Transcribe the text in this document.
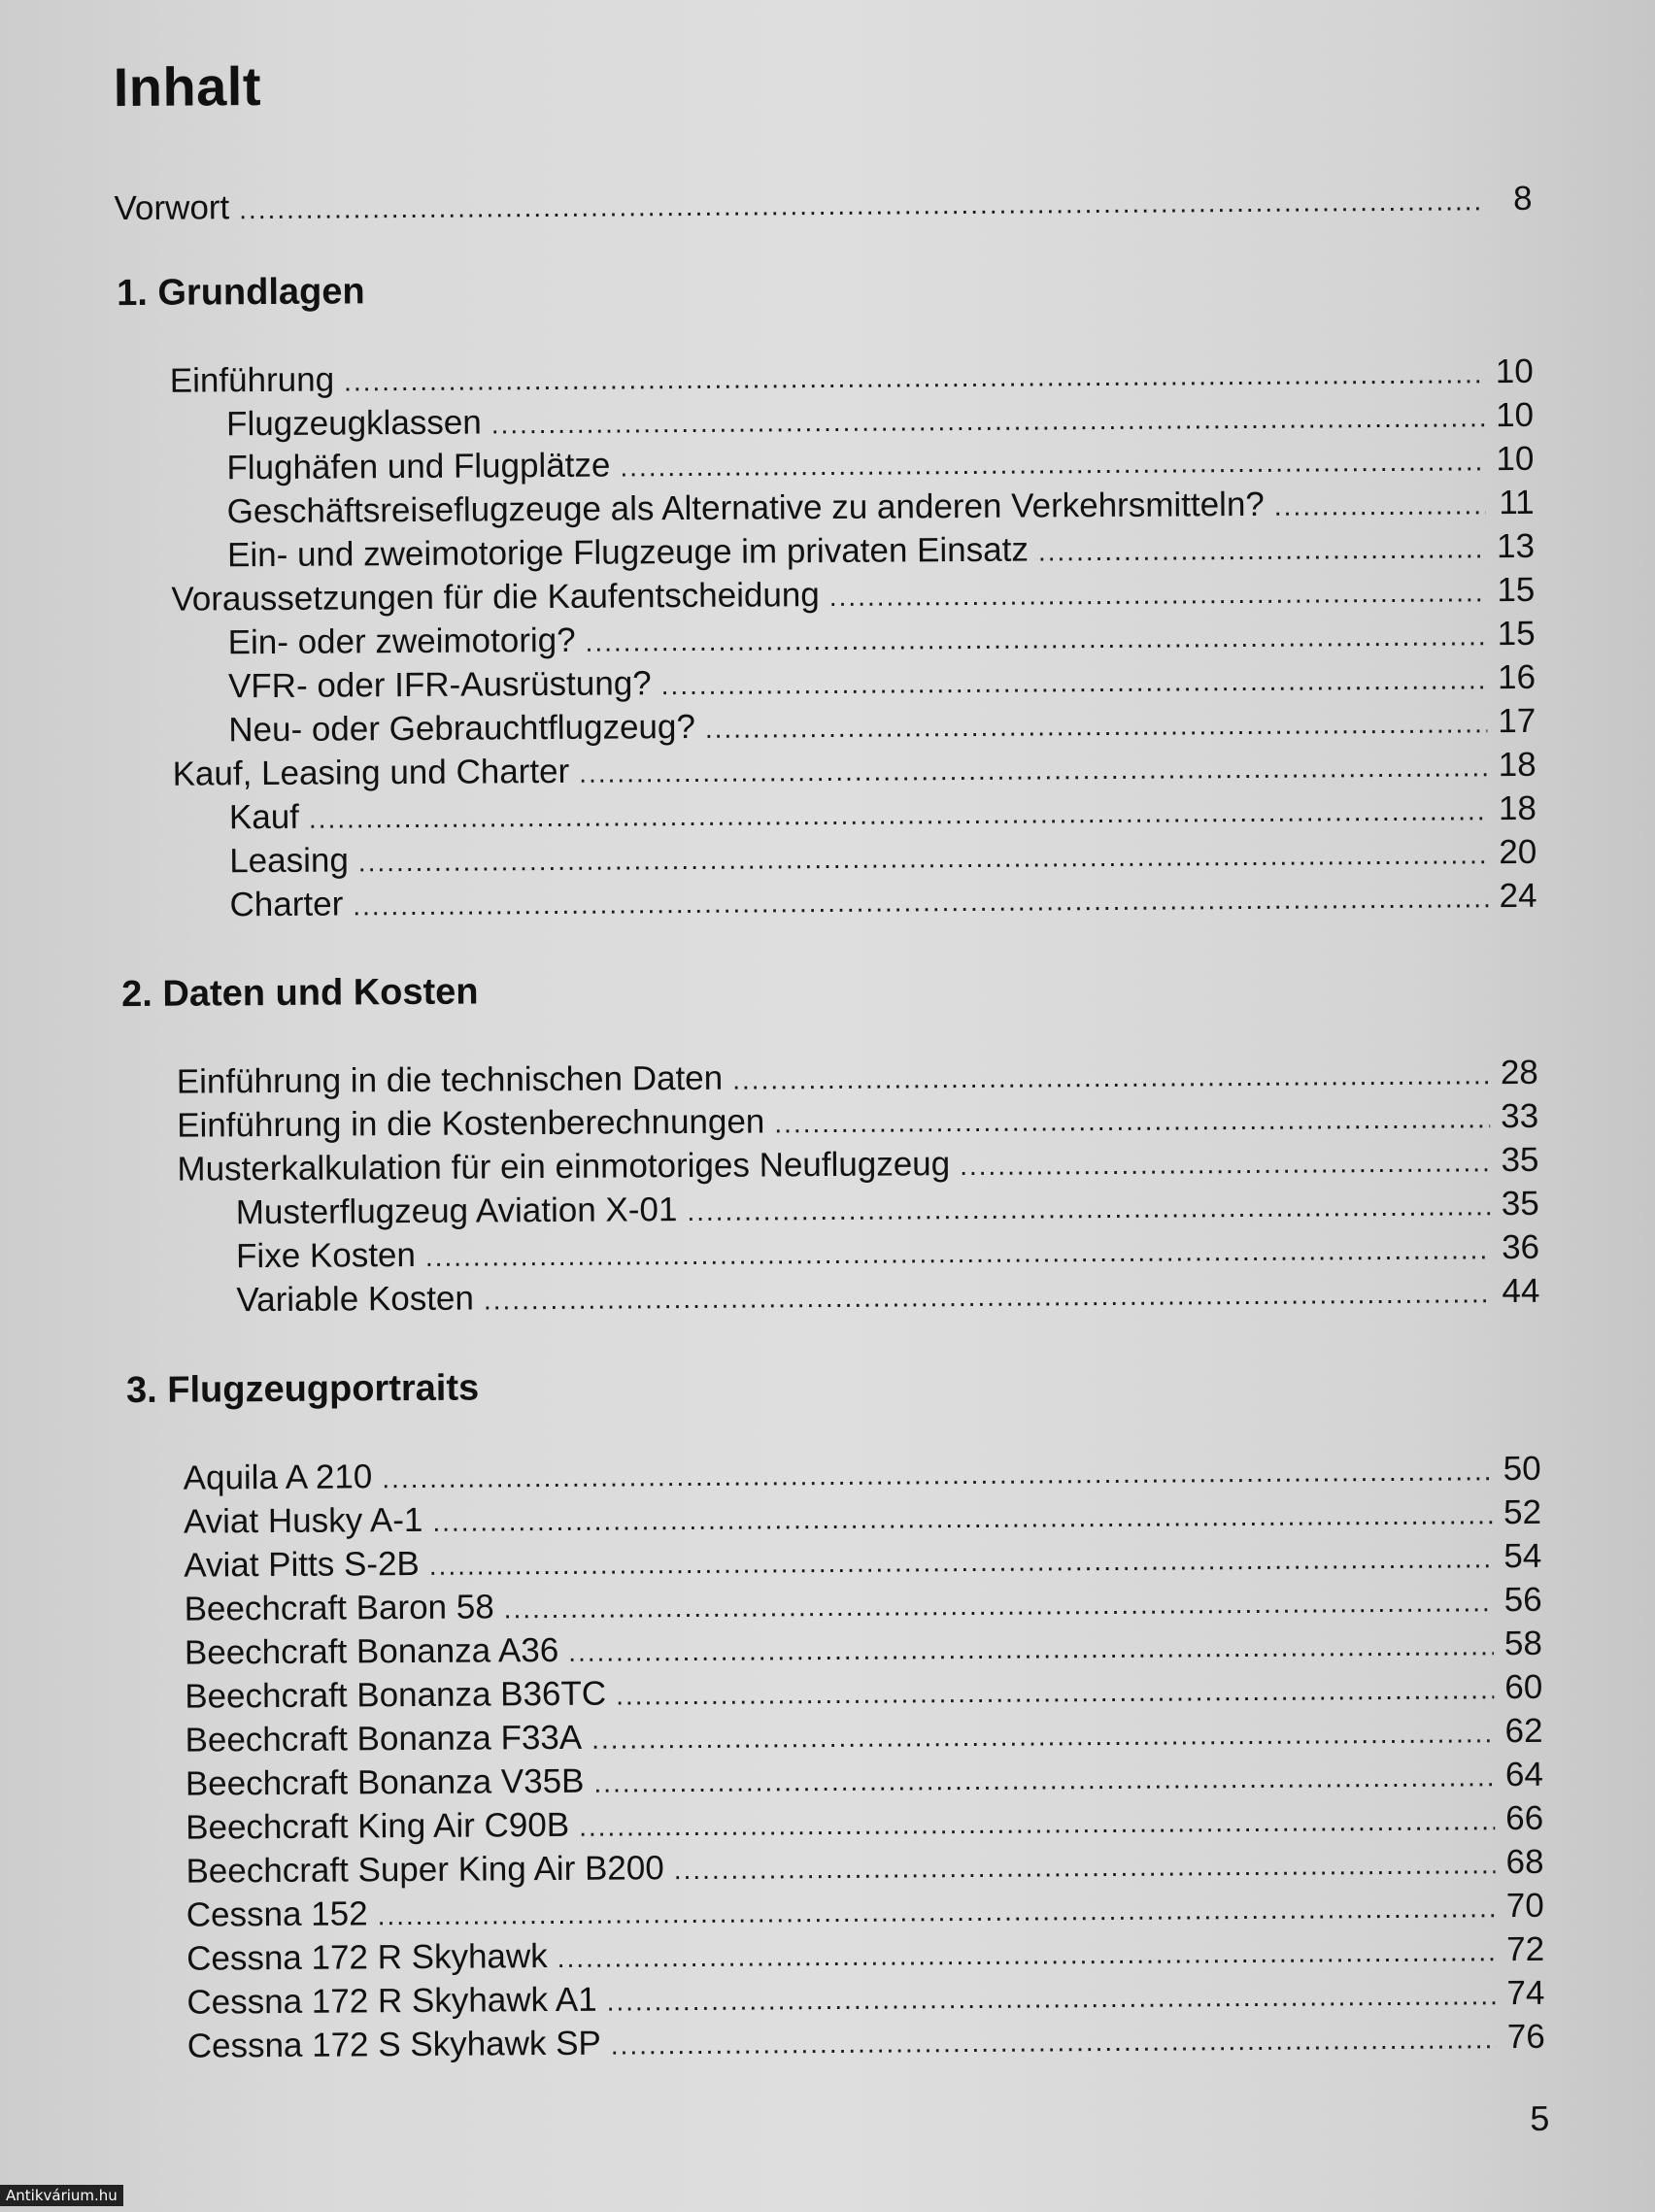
Inhalt
Vorwort .....	8
1. Grundlagen
Einführung .....	10
Flugzeugklassen .....	10
Flughäfen und Flugplätze .....	10
Geschäftsreiseflugzeuge als Alternative zu anderen Verkehrsmitteln? .....	11
Ein- und zweimotorige Flugzeuge im privaten Einsatz .....	13
Voraussetzungen für die Kaufentscheidung .....	15
Ein- oder zweimotorig? .....	15
VFR- oder IFR-Ausrüstung? .....	16
Neu- oder Gebrauchtflugzeug? .....	17
Kauf, Leasing und Charter .....	18
Kauf .....	18
Leasing .....	20
Charter .....	24
2. Daten und Kosten
Einführung in die technischen Daten .....	28
Einführung in die Kostenberechnungen .....	33
Musterkalkulation für ein einmotoriges Neuflugzeug .....	35
Musterflugzeug Aviation X-01 .....	35
Fixe Kosten .....	36
Variable Kosten .....	44
3. Flugzeugportraits
Aquila A 210 .....	50
Aviat Husky A-1 .....	52
Aviat Pitts S-2B .....	54
Beechcraft Baron 58 .....	56
Beechcraft Bonanza A36 .....	58
Beechcraft Bonanza B36TC .....	60
Beechcraft Bonanza F33A .....	62
Beechcraft Bonanza V35B .....	64
Beechcraft King Air C90B .....	66
Beechcraft Super King Air B200 .....	68
Cessna 152 .....	70
Cessna 172 R Skyhawk .....	72
Cessna 172 R Skyhawk A1 .....	74
Cessna 172 S Skyhawk SP .....	76
5
Antikvárium.hu
